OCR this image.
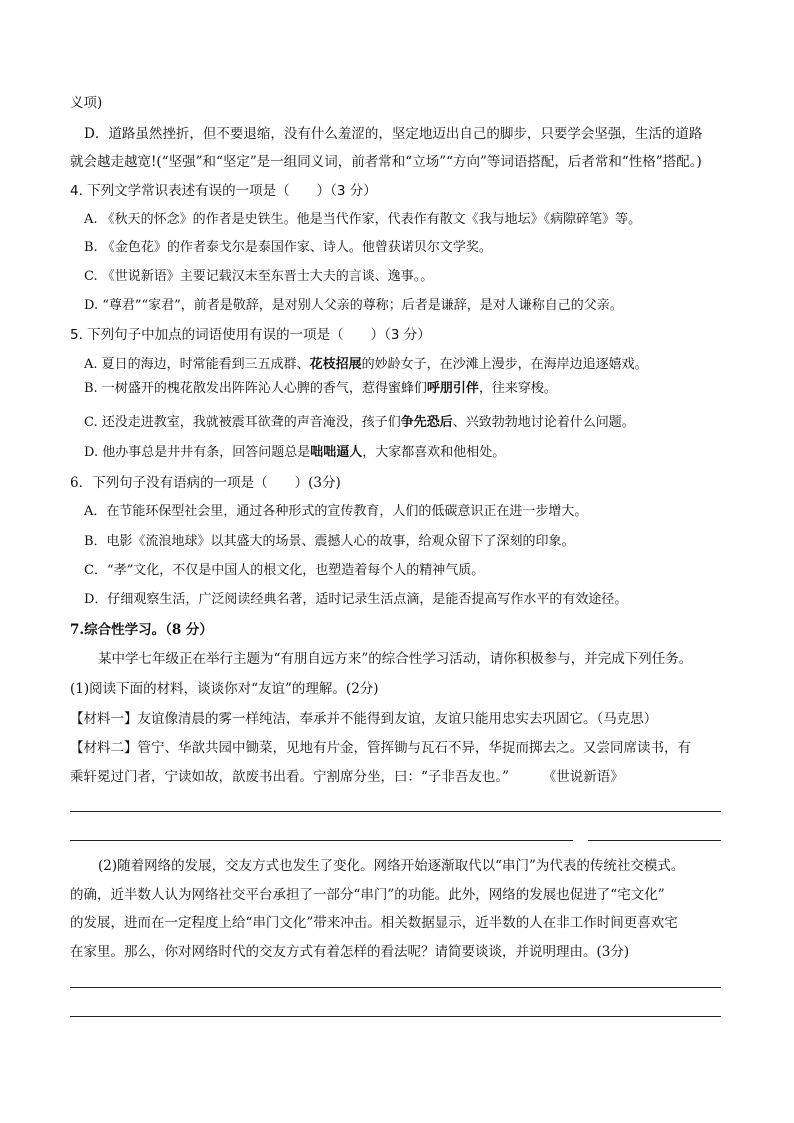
义项)
D．道路虽然挫折，但不要退缩，没有什么羞涩的，坚定地迈出自己的脚步，只要学会坚强，生活的道路
就会越走越宽!(“坚强”和“坚定”是一组同义词，前者常和“立场”“方向”等词语搭配，后者常和“性格”搭配。)
4. 下列文学常识表述有误的一项是（　　）（3 分）
A. 《秋天的怀念》的作者是史铁生。他是当代作家，代表作有散文《我与地坛》《病隙碎笔》等。
B. 《金色花》的作者泰戈尔是泰国作家、诗人。他曾获诺贝尔文学奖。
C. 《世说新语》主要记载汉末至东晋士大夫的言谈、逸事。。
D. “尊君”“家君”，前者是敬辞，是对别人父亲的尊称；后者是谦辞，是对人谦称自己的父亲。
5. 下列句子中加点的词语使用有误的一项是（　　）（3 分）
A. 夏日的海边，时常能看到三五成群、花枝招展的妙龄女子，在沙滩上漫步，在海岸边追逐嬉戏。
B. 一树盛开的槐花散发出阵阵沁人心脾的香气，惹得蜜蜂们呼朋引伴，往来穿梭。
C. 还没走进教室，我就被震耳欲聋的声音淹没，孩子们争先恐后、兴致勃勃地讨论着什么问题。
D. 他办事总是井井有条，回答问题总是咄咄逼人，大家都喜欢和他相处。
6．下列句子没有语病的一项是（　　）(3分)
A．在节能环保型社会里，通过各种形式的宣传教育，人们的低碳意识正在进一步增大。
B．电影《流浪地球》以其盛大的场景、震撼人心的故事，给观众留下了深刻的印象。
C．“孝”文化，不仅是中国人的根文化，也塑造着每个人的精神气质。
D．仔细观察生活，广泛阅读经典名著，适时记录生活点滴，是能否提高写作水平的有效途径。
7.综合性学习。（8 分）
某中学七年级正在举行主题为“有朋自远方来”的综合性学习活动，请你积极参与，并完成下列任务。
(1)阅读下面的材料，谈谈你对“友谊”的理解。(2分)
【材料一】友谊像清晨的雾一样纯洁，奉承并不能得到友谊，友谊只能用忠实去巩固它。（马克思）
【材料二】管宁、华歆共园中锄菜，见地有片金，管挥锄与瓦石不异，华捉而掷去之。又尝同席读书，有
乘轩冕过门者，宁读如故，歆废书出看。宁割席分坐，曰：“子非吾友也。”　　　《世说新语》
(2)随着网络的发展，交友方式也发生了变化。网络开始逐渐取代以“串门”为代表的传统社交模式。
的确，近半数人认为网络社交平台承担了一部分“串门”的功能。此外，网络的发展也促进了“宅文化”
的发展，进而在一定程度上给“串门文化”带来冲击。相关数据显示，近半数的人在非工作时间更喜欢宅
在家里。那么，你对网络时代的交友方式有着怎样的看法呢？请简要谈谈，并说明理由。(3分)
